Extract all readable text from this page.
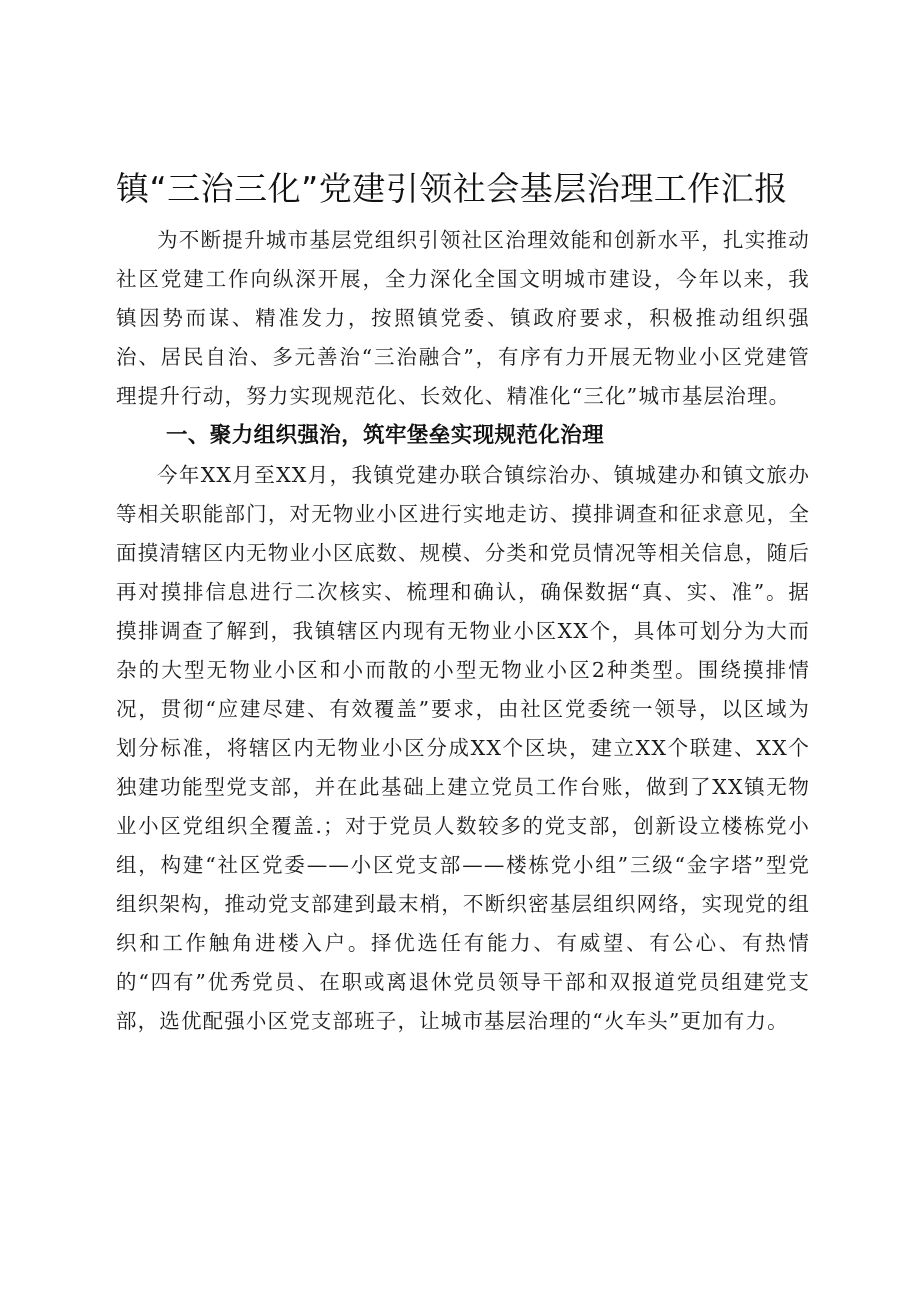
镇“三治三化”党建引领社会基层治理工作汇报

为不断提升城市基层党组织引领社区治理效能和创新水平，扎实推动社区党建工作向纵深开展，全力深化全国文明城市建设，今年以来，我镇因势而谋、精准发力，按照镇党委、镇政府要求，积极推动组织强治、居民自治、多元善治“三治融合”，有序有力开展无物业小区党建管理提升行动，努力实现规范化、长效化、精准化“三化”城市基层治理。

一、聚力组织强治，筑牢堡垒实现规范化治理

今年XX月至XX月，我镇党建办联合镇综治办、镇城建办和镇文旅办等相关职能部门，对无物业小区进行实地走访、摸排调查和征求意见，全面摸清辖区内无物业小区底数、规模、分类和党员情况等相关信息，随后再对摸排信息进行二次核实、梳理和确认，确保数据“真、实、准”。据摸排调查了解到，我镇辖区内现有无物业小区XX个，具体可划分为大而杂的大型无物业小区和小而散的小型无物业小区2种类型。围绕摸排情况，贯彻“应建尽建、有效覆盖”要求，由社区党委统一领导，以区域为划分标准，将辖区内无物业小区分成XX个区块，建立XX个联建、XX个独建功能型党支部，并在此基础上建立党员工作台账，做到了XX镇无物业小区党组织全覆盖.；对于党员人数较多的党支部，创新设立楼栋党小组，构建“社区党委——小区党支部——楼栋党小组”三级“金字塔”型党组织架构，推动党支部建到最末梢，不断织密基层组织网络，实现党的组织和工作触角进楼入户。择优选任有能力、有威望、有公心、有热情的“四有”优秀党员、在职或离退休党员领导干部和双报道党员组建党支部，选优配强小区党支部班子，让城市基层治理的“火车头”更加有力。
